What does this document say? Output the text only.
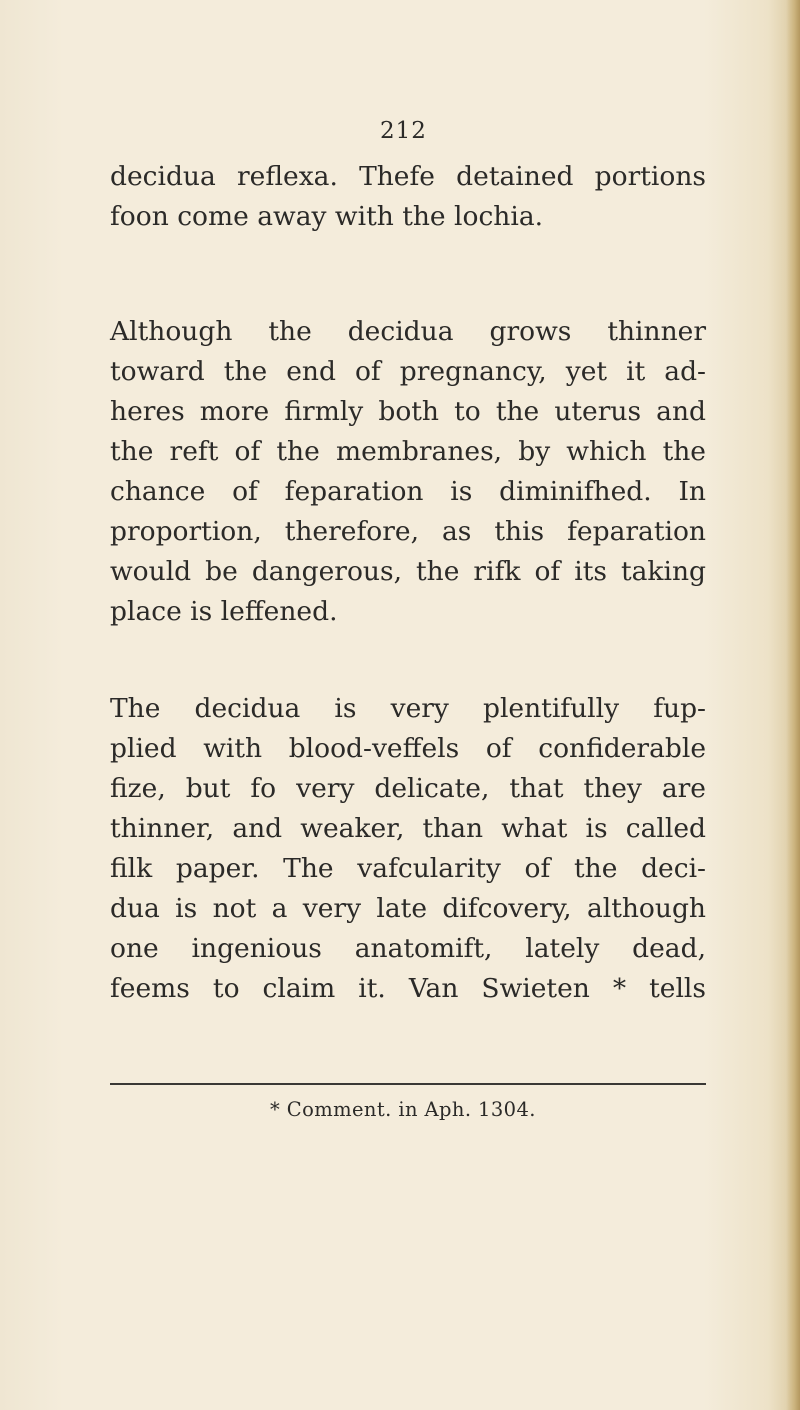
212
decidua reflexa. Thefe detained portions
foon come away with the lochia.
Although the decidua grows thinner
toward the end of pregnancy, yet it ad-
heres more firmly both to the uterus and
the reft of the membranes, by which the
chance of feparation is diminifhed. In
proportion, therefore, as this feparation
would be dangerous, the rifk of its taking
place is leffened.
The decidua is very plentifully fup-
plied with blood-veffels of confiderable
fize, but fo very delicate, that they are
thinner, and weaker, than what is called
filk paper. The vafcularity of the deci-
dua is not a very late difcovery, although
one ingenious anatomift, lately dead,
feems to claim it. Van Swieten * tells
* Comment. in Aph. 1304.
